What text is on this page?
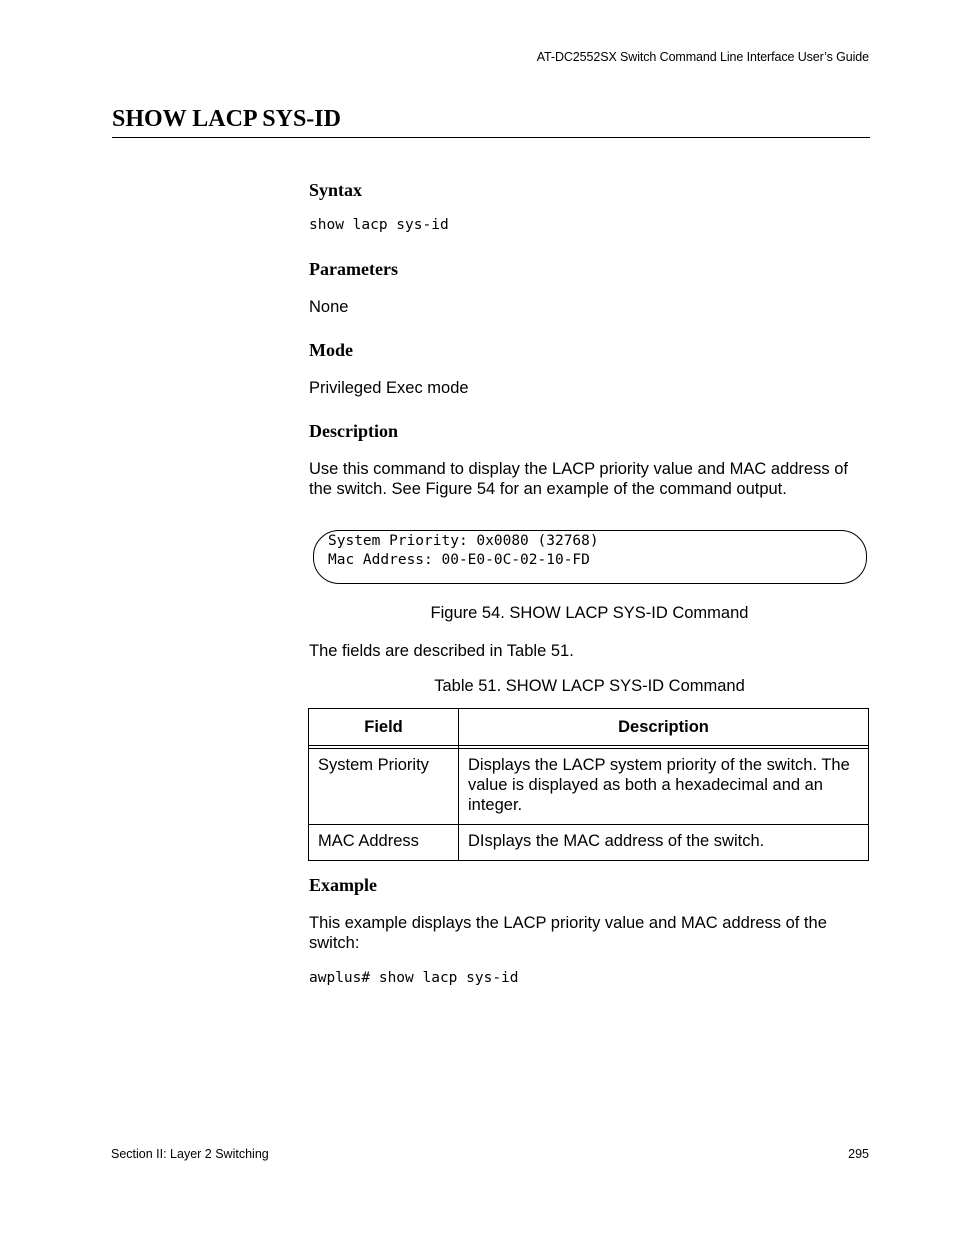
AT-DC2552SX Switch Command Line Interface User’s Guide
SHOW LACP SYS-ID
Syntax
show lacp sys-id
Parameters
None
Mode
Privileged Exec mode
Description
Use this command to display the LACP priority value and MAC address of the switch. See Figure 54 for an example of the command output.
System Priority: 0x0080 (32768)
Mac Address: 00-E0-0C-02-10-FD
Figure 54. SHOW LACP SYS-ID Command
The fields are described in Table 51.
Table 51. SHOW LACP SYS-ID Command
Field	Description

System Priority	Displays the LACP system priority of the switch. The value is displayed as both a hexadecimal and an integer.
MAC Address	DIsplays the MAC address of the switch.
Example
This example displays the LACP priority value and MAC address of the switch:
awplus# show lacp sys-id
Section II: Layer 2 Switching	295
